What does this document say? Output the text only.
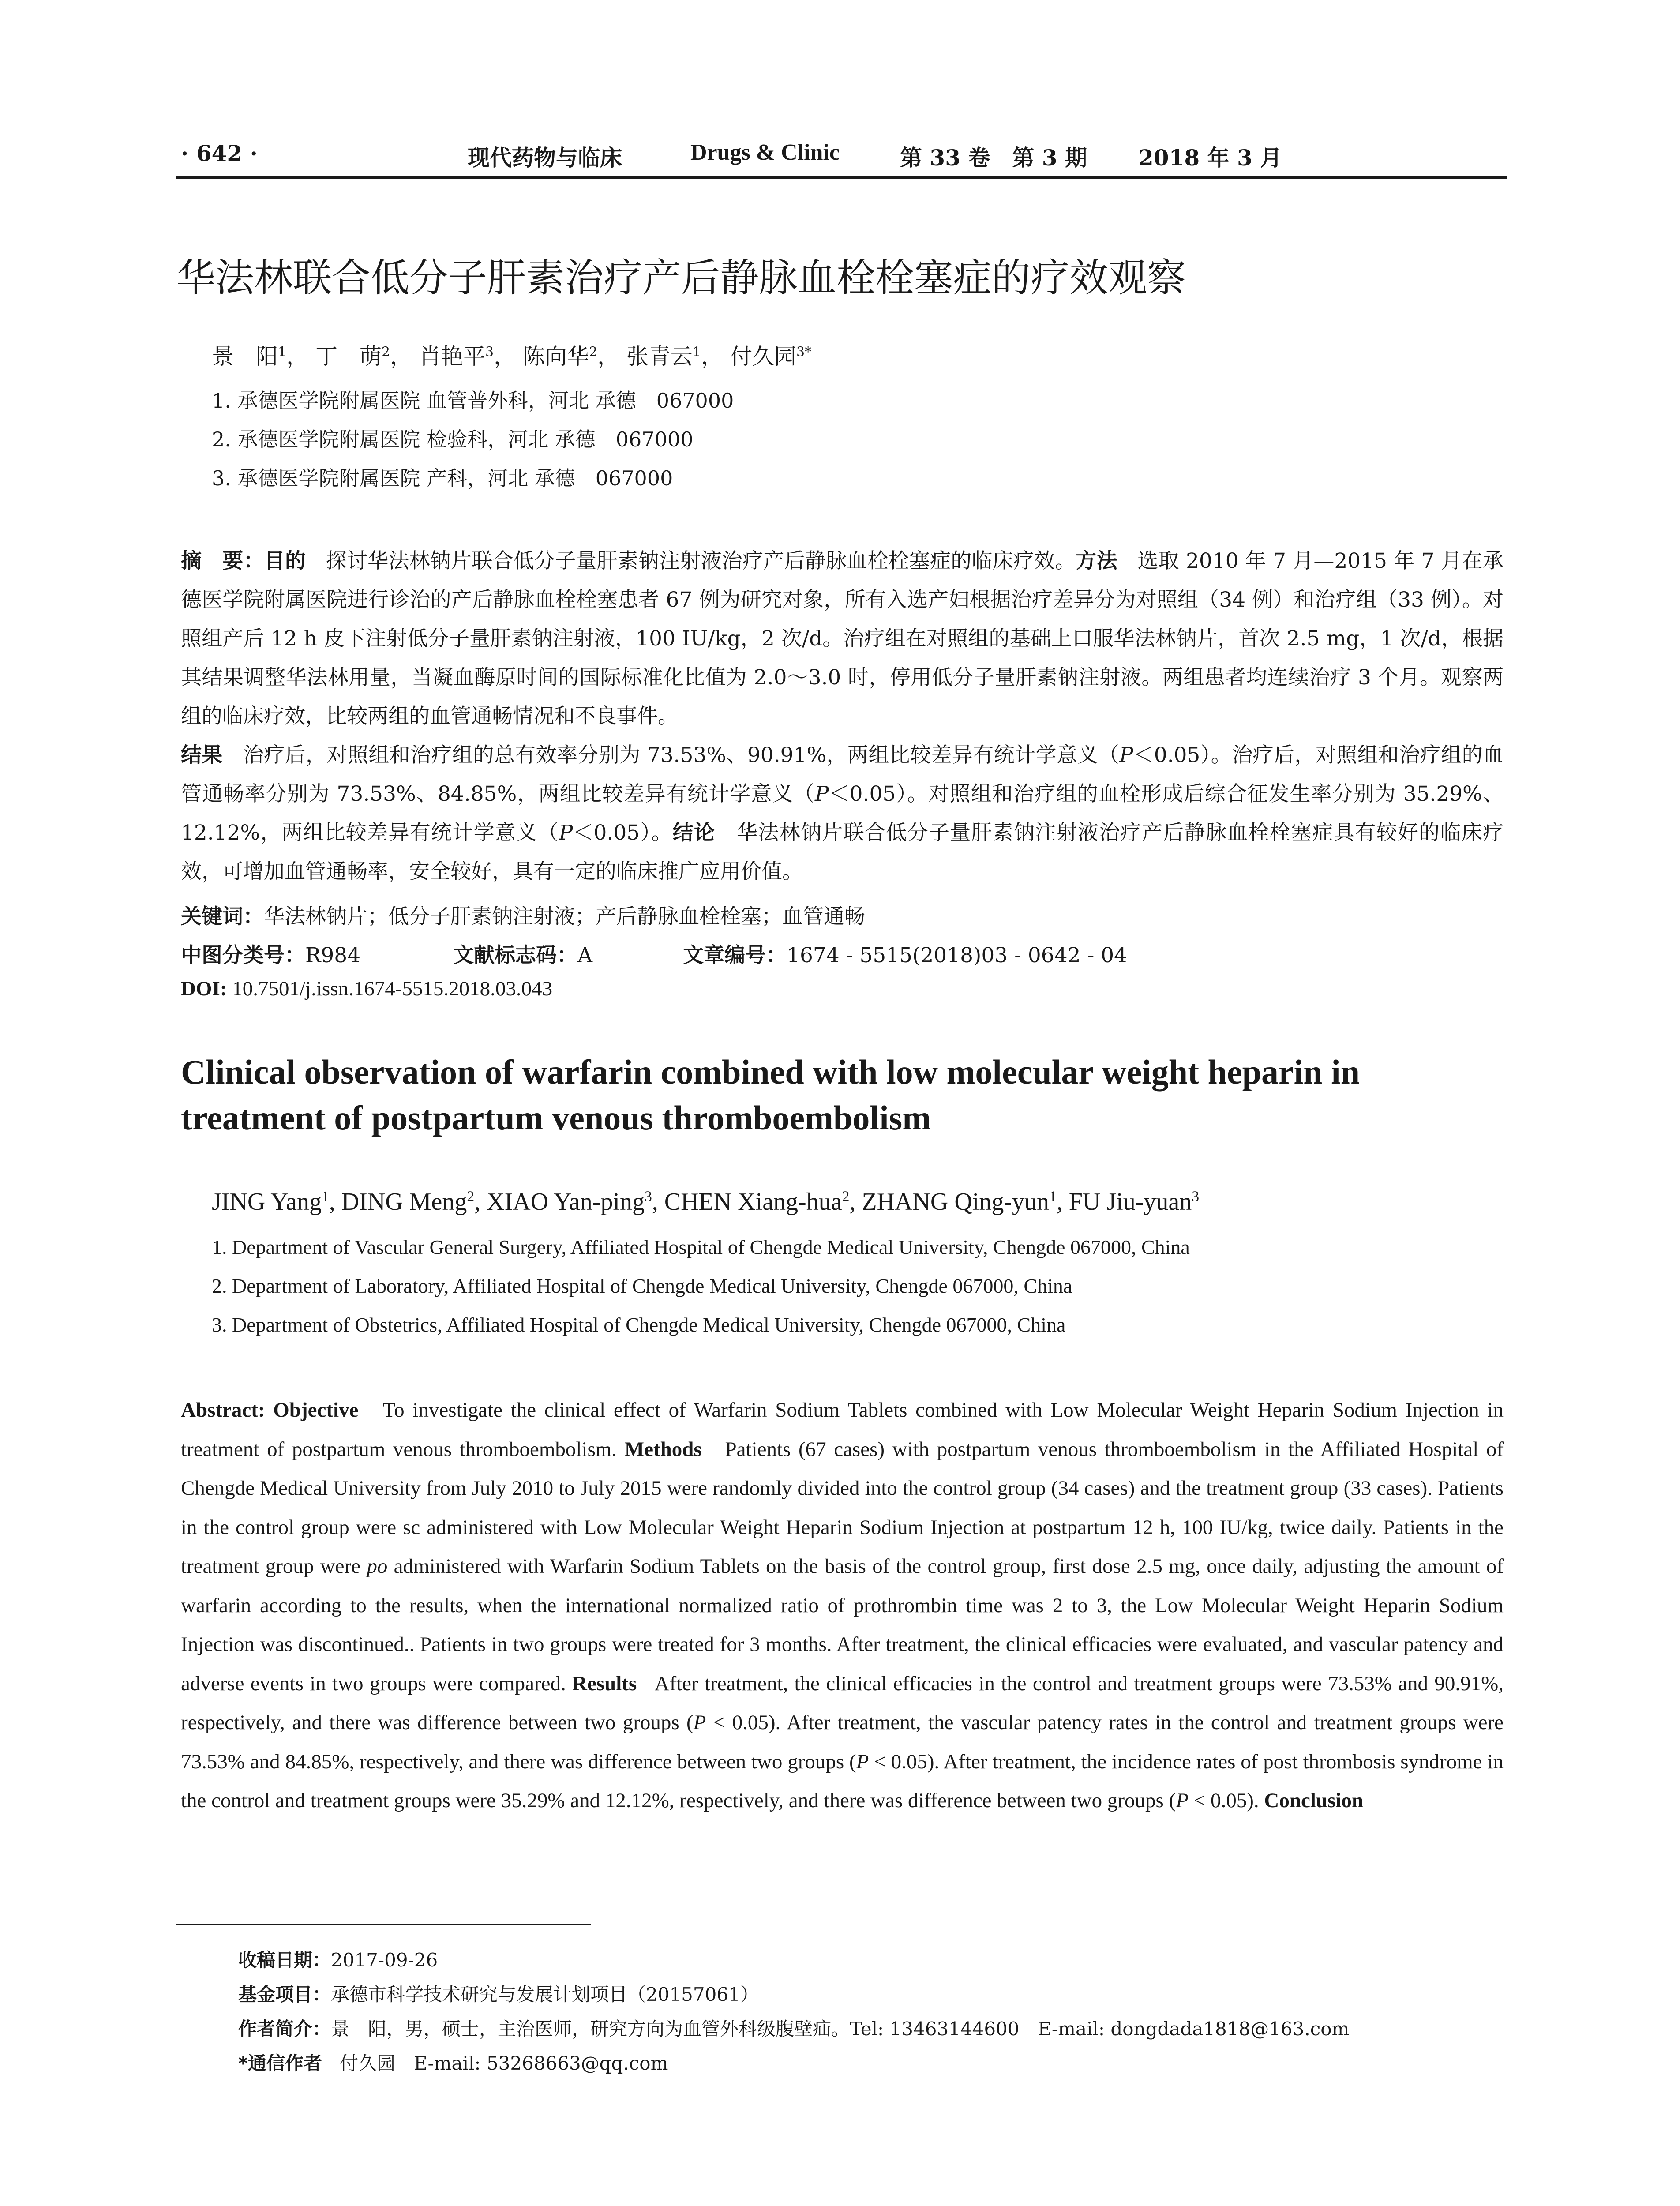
· 642 ·	现代药物与临床	Drugs & Clinic	第 33 卷　第 3 期 2018 年 3 月
华法林联合低分子肝素治疗产后静脉血栓栓塞症的疗效观察
景　阳$^1$， 丁　萌$^2$， 肖艳平$^3$， 陈向华$^2$， 张青云$^1$， 付久园$^{3*}$
1. 承德医学院附属医院 血管普外科，河北 承德　067000
2. 承德医学院附属医院 检验科，河北 承德　067000
3. 承德医学院附属医院 产科，河北 承德　067000
摘　要：目的 探讨华法林钠片联合低分子量肝素钠注射液治疗产后静脉血栓栓塞症的临床疗效。方法 选取 2010 年 7 月—2015 年 7 月在承德医学院附属医院进行诊治的产后静脉血栓栓塞患者 67 例为研究对象，所有入选产妇根据治疗差异分为对照组（34 例）和治疗组（33 例）。对照组产后 12 h 皮下注射低分子量肝素钠注射液，100 IU/kg，2 次/d。治疗组在对照组的基础上口服华法林钠片，首次 2.5 mg，1 次/d，根据其结果调整华法林用量，当凝血酶原时间的国际标准化比值为 2.0～3.0 时，停用低分子量肝素钠注射液。两组患者均连续治疗 3 个月。观察两组的临床疗效，比较两组的血管通畅情况和不良事件。
结果 治疗后，对照组和治疗组的总有效率分别为 73.53%、90.91%，两组比较差异有统计学意义（P＜0.05）。治疗后，对照组和治疗组的血管通畅率分别为 73.53%、84.85%，两组比较差异有统计学意义（P＜0.05）。对照组和治疗组的血栓形成后综合征发生率分别为 35.29%、12.12%，两组比较差异有统计学意义（P＜0.05）。结论 华法林钠片联合低分子量肝素钠注射液治疗产后静脉血栓栓塞症具有较好的临床疗效，可增加血管通畅率，安全较好，具有一定的临床推广应用价值。
关键词：华法林钠片；低分子肝素钠注射液；产后静脉血栓栓塞；血管通畅
中图分类号：R984	文献标志码：A	文章编号：1674 - 5515(2018)03 - 0642 - 04
DOI: 10.7501/j.issn.1674-5515.2018.03.043
Clinical observation of warfarin combined with low molecular weight heparin in treatment of postpartum venous thromboembolism
JING Yang$^1$, DING Meng$^2$, XIAO Yan-ping$^3$, CHEN Xiang-hua$^2$, ZHANG Qing-yun$^1$, FU Jiu-yuan$^3$
1. Department of Vascular General Surgery, Affiliated Hospital of Chengde Medical University, Chengde 067000, China
2. Department of Laboratory, Affiliated Hospital of Chengde Medical University, Chengde 067000, China
3. Department of Obstetrics, Affiliated Hospital of Chengde Medical University, Chengde 067000, China
Abstract: Objective To investigate the clinical effect of Warfarin Sodium Tablets combined with Low Molecular Weight Heparin Sodium Injection in treatment of postpartum venous thromboembolism. Methods Patients (67 cases) with postpartum venous thromboembolism in the Affiliated Hospital of Chengde Medical University from July 2010 to July 2015 were randomly divided into the control group (34 cases) and the treatment group (33 cases). Patients in the control group were sc administered with Low Molecular Weight Heparin Sodium Injection at postpartum 12 h, 100 IU/kg, twice daily. Patients in the treatment group were po administered with Warfarin Sodium Tablets on the basis of the control group, first dose 2.5 mg, once daily, adjusting the amount of warfarin according to the results, when the international normalized ratio of prothrombin time was 2 to 3, the Low Molecular Weight Heparin Sodium Injection was discontinued.. Patients in two groups were treated for 3 months. After treatment, the clinical efficacies were evaluated, and vascular patency and adverse events in two groups were compared. Results After treatment, the clinical efficacies in the control and treatment groups were 73.53% and 90.91%, respectively, and there was difference between two groups (P < 0.05). After treatment, the vascular patency rates in the control and treatment groups were 73.53% and 84.85%, respectively, and there was difference between two groups (P < 0.05). After treatment, the incidence rates of post thrombosis syndrome in the control and treatment groups were 35.29% and 12.12%, respectively, and there was difference between two groups (P < 0.05). Conclusion
收稿日期：2017-09-26
基金项目：承德市科学技术研究与发展计划项目（20157061）
作者简介：景　阳，男，硕士，主治医师，研究方向为血管外科级腹壁疝。Tel: 13463144600　E-mail: dongdada1818@163.com
*通信作者 付久园　E-mail: 53268663@qq.com
